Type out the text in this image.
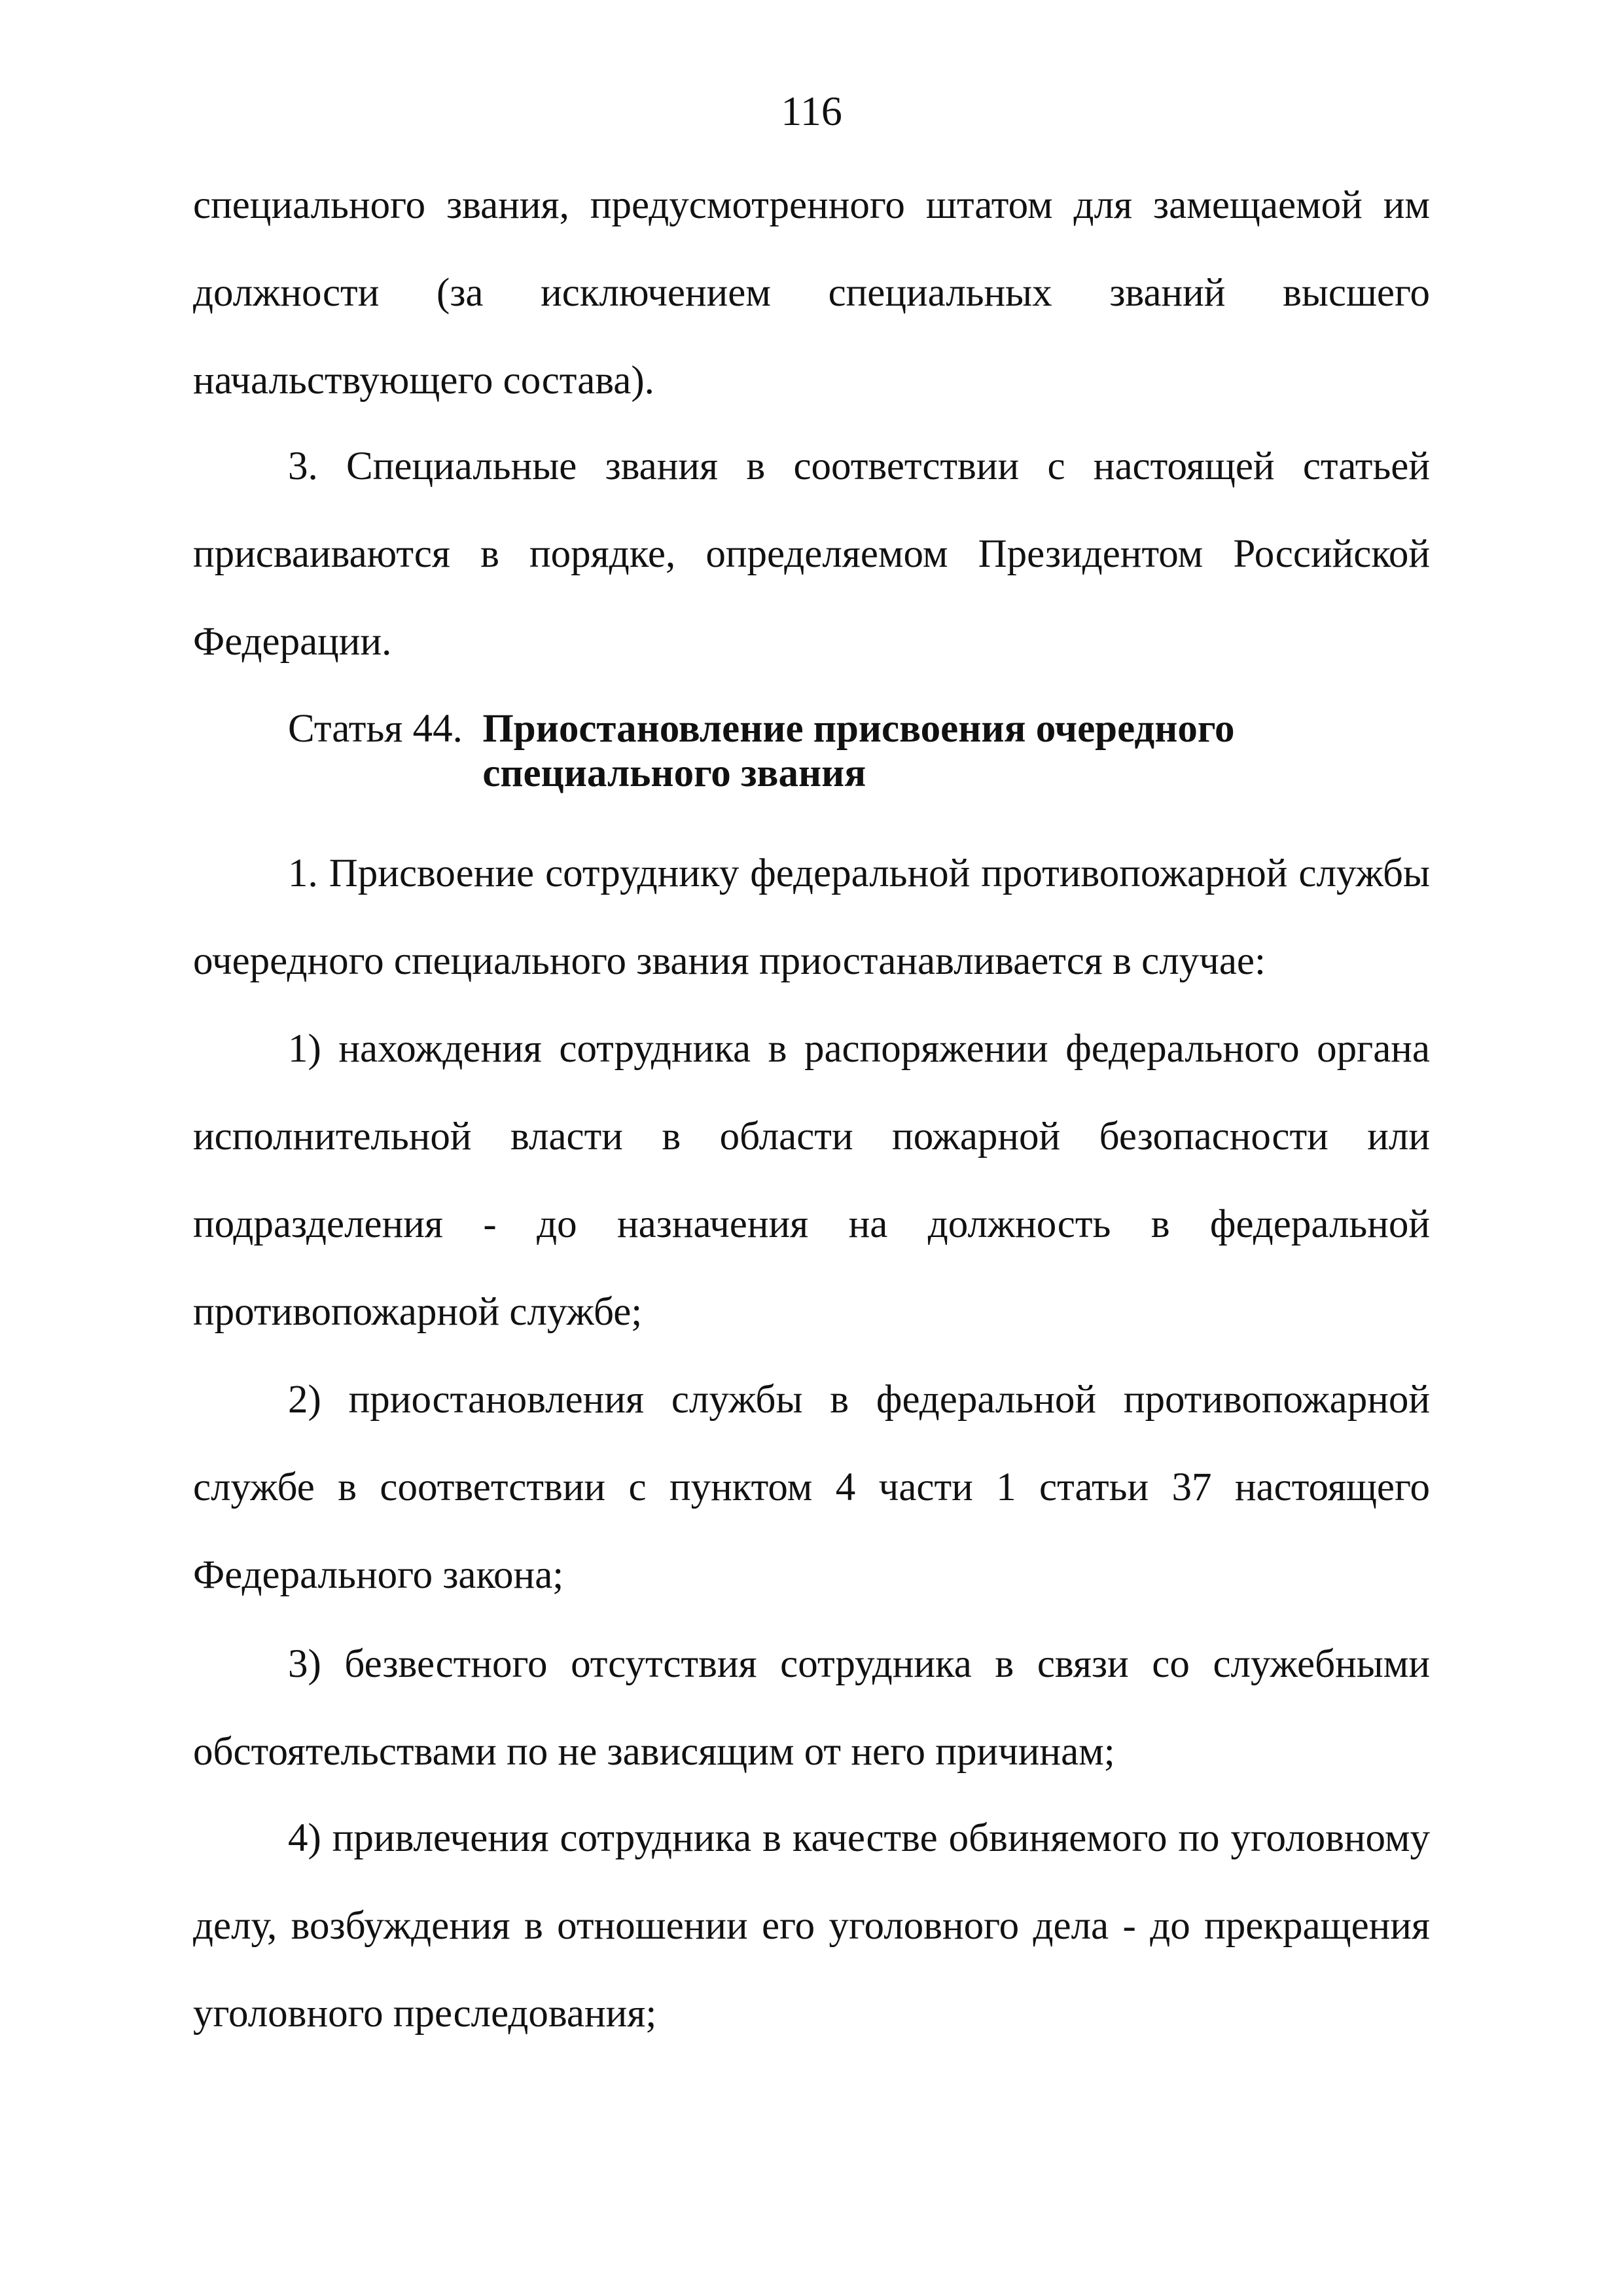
116

специального звания, предусмотренного штатом для замещаемой им должности (за исключением специальных званий высшего начальствующего состава).

3. Специальные звания в соответствии с настоящей статьей присваиваются в порядке, определяемом Президентом Российской Федерации.

Статья 44. Приостановление присвоения очередного специального звания

1. Присвоение сотруднику федеральной противопожарной службы очередного специального звания приостанавливается в случае:

1) нахождения сотрудника в распоряжении федерального органа исполнительной власти в области пожарной безопасности или подразделения - до назначения на должность в федеральной противопожарной службе;

2) приостановления службы в федеральной противопожарной службе в соответствии с пунктом 4 части 1 статьи 37 настоящего Федерального закона;

3) безвестного отсутствия сотрудника в связи со служебными обстоятельствами по не зависящим от него причинам;

4) привлечения сотрудника в качестве обвиняемого по уголовному делу, возбуждения в отношении его уголовного дела - до прекращения уголовного преследования;
